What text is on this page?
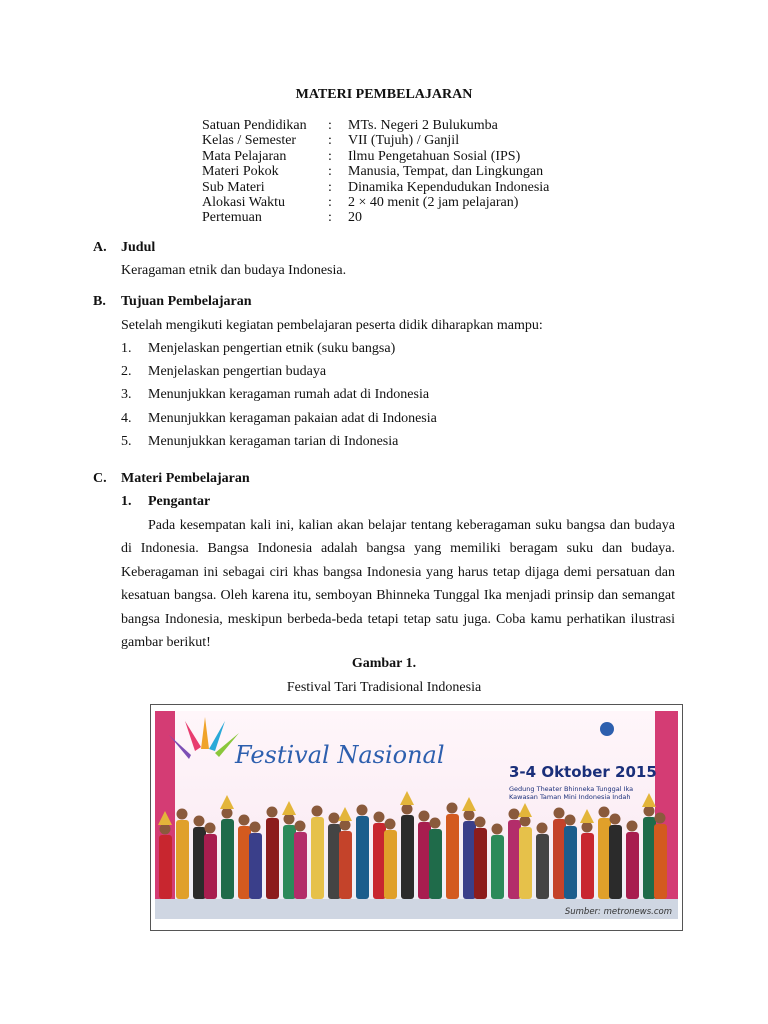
MATERI PEMBELAJARAN
Satuan Pendidikan	:	MTs. Negeri 2 Bulukumba
Kelas / Semester	:	VII (Tujuh) / Ganjil
Mata Pelajaran	:	Ilmu Pengetahuan Sosial (IPS)
Materi Pokok	:	Manusia, Tempat, dan Lingkungan
Sub Materi	:	Dinamika Kependudukan Indonesia
Alokasi Waktu	:	2 × 40 menit (2 jam pelajaran)
Pertemuan	:	20
A.	Judul
Keragaman etnik dan budaya Indonesia.
B.	Tujuan Pembelajaran
Setelah mengikuti kegiatan pembelajaran peserta didik diharapkan mampu:
1.	Menjelaskan pengertian etnik (suku bangsa)
2.	Menjelaskan pengertian budaya
3.	Menunjukkan keragaman rumah adat di Indonesia
4.	Menunjukkan keragaman pakaian adat di Indonesia
5.	Menunjukkan keragaman tarian di Indonesia
C.	Materi Pembelajaran
1.	Pengantar
Pada kesempatan kali ini, kalian akan belajar tentang keberagaman suku bangsa dan budaya di Indonesia. Bangsa Indonesia adalah bangsa yang memiliki beragam suku dan budaya. Keberagaman ini sebagai ciri khas bangsa Indonesia yang harus tetap dijaga demi persatuan dan kesatuan bangsa. Oleh karena itu, semboyan Bhinneka Tunggal Ika menjadi prinsip dan semangat bangsa Indonesia, meskipun berbeda-beda tetapi tetap satu juga. Coba kamu perhatikan ilustrasi gambar berikut!
Gambar 1.
Festival Tari Tradisional Indonesia
Festival Nasional
3-4 Oktober 2015
Gedung Theater Bhinneka Tunggal Ika
Kawasan Taman Mini Indonesia Indah
Sumber: metronews.com
